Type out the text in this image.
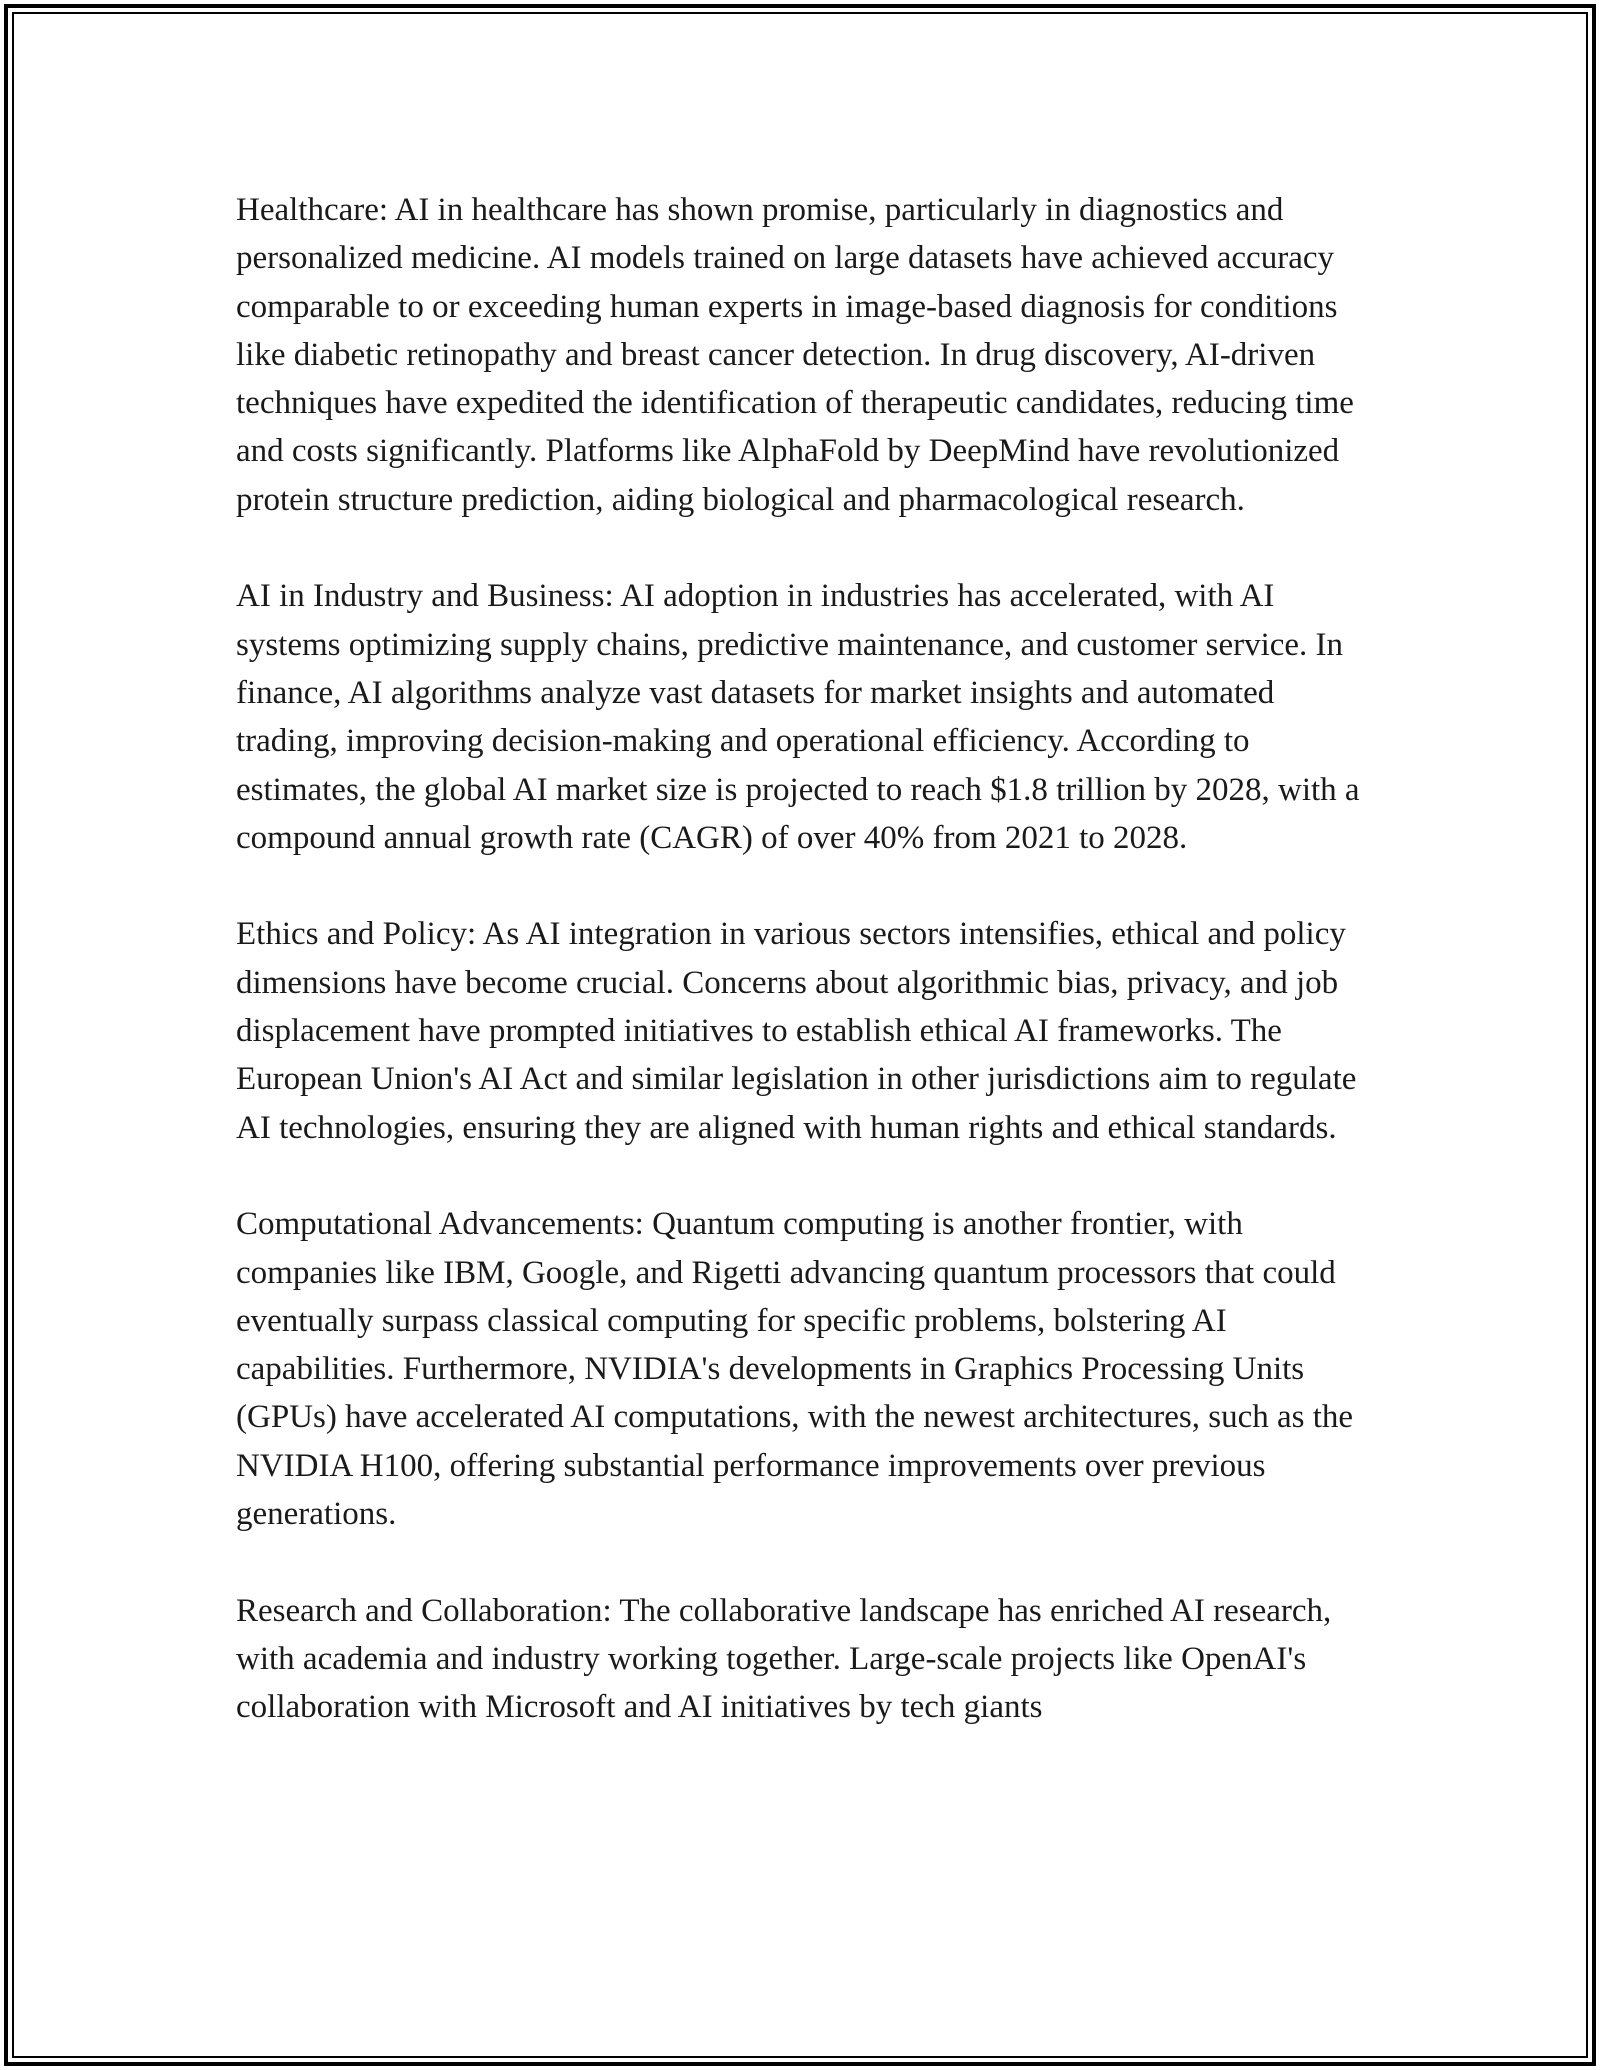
Healthcare: AI in healthcare has shown promise, particularly in diagnostics and personalized medicine. AI models trained on large datasets have achieved accuracy comparable to or exceeding human experts in image-based diagnosis for conditions like diabetic retinopathy and breast cancer detection. In drug discovery, AI-driven techniques have expedited the identification of therapeutic candidates, reducing time and costs significantly. Platforms like AlphaFold by DeepMind have revolutionized protein structure prediction, aiding biological and pharmacological research.

AI in Industry and Business: AI adoption in industries has accelerated, with AI systems optimizing supply chains, predictive maintenance, and customer service. In finance, AI algorithms analyze vast datasets for market insights and automated trading, improving decision-making and operational efficiency. According to estimates, the global AI market size is projected to reach $1.8 trillion by 2028, with a compound annual growth rate (CAGR) of over 40% from 2021 to 2028.

Ethics and Policy: As AI integration in various sectors intensifies, ethical and policy dimensions have become crucial. Concerns about algorithmic bias, privacy, and job displacement have prompted initiatives to establish ethical AI frameworks. The European Union's AI Act and similar legislation in other jurisdictions aim to regulate AI technologies, ensuring they are aligned with human rights and ethical standards.

Computational Advancements: Quantum computing is another frontier, with companies like IBM, Google, and Rigetti advancing quantum processors that could eventually surpass classical computing for specific problems, bolstering AI capabilities. Furthermore, NVIDIA's developments in Graphics Processing Units (GPUs) have accelerated AI computations, with the newest architectures, such as the NVIDIA H100, offering substantial performance improvements over previous generations.

Research and Collaboration: The collaborative landscape has enriched AI research, with academia and industry working together. Large-scale projects like OpenAI's collaboration with Microsoft and AI initiatives by tech giants
